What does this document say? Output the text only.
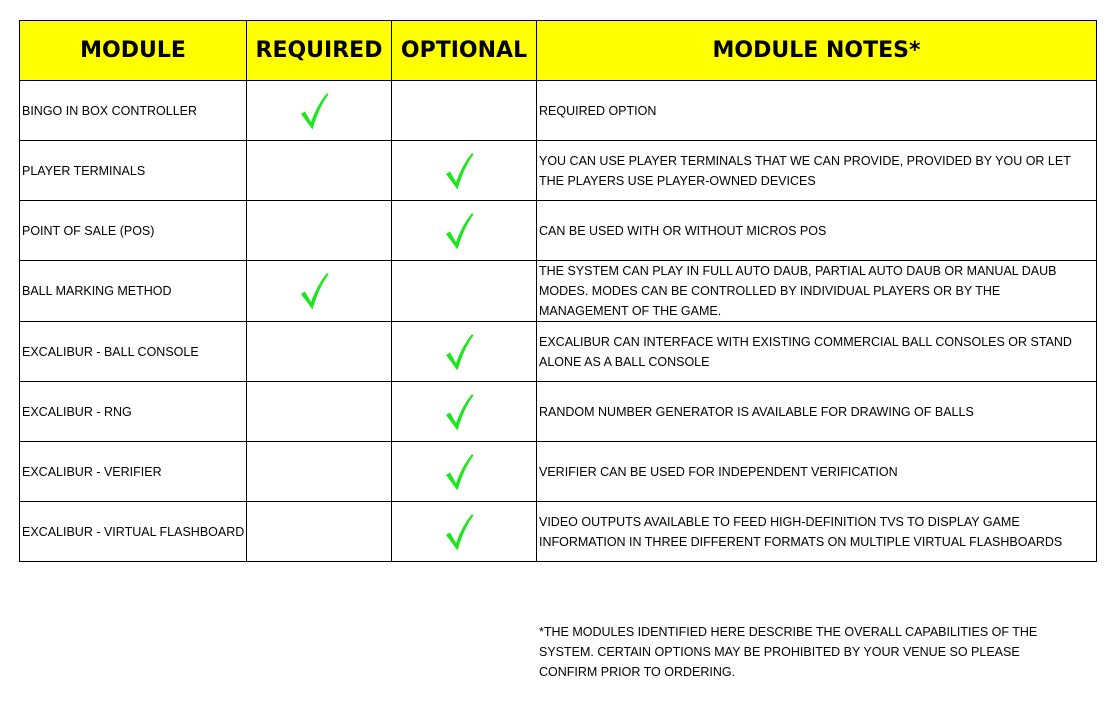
MODULE	REQUIRED	OPTIONAL	MODULE NOTES*
BINGO IN BOX CONTROLLER			REQUIRED OPTION
PLAYER TERMINALS			YOU CAN USE PLAYER TERMINALS THAT WE CAN PROVIDE, PROVIDED BY YOU OR LET THE PLAYERS USE PLAYER-OWNED DEVICES
POINT OF SALE (POS)			CAN BE USED WITH OR WITHOUT MICROS POS
BALL MARKING METHOD			THE SYSTEM CAN PLAY IN FULL AUTO DAUB, PARTIAL AUTO DAUB OR MANUAL DAUB MODES. MODES CAN BE CONTROLLED BY INDIVIDUAL PLAYERS OR BY THE MANAGEMENT OF THE GAME.
EXCALIBUR - BALL CONSOLE			EXCALIBUR CAN INTERFACE WITH EXISTING COMMERCIAL BALL CONSOLES OR STAND ALONE AS A BALL CONSOLE
EXCALIBUR - RNG			RANDOM NUMBER GENERATOR IS AVAILABLE FOR DRAWING OF BALLS
EXCALIBUR - VERIFIER			VERIFIER CAN BE USED FOR INDEPENDENT VERIFICATION
EXCALIBUR - VIRTUAL FLASHBOARD			VIDEO OUTPUTS AVAILABLE TO FEED HIGH-DEFINITION TVS TO DISPLAY GAME INFORMATION IN THREE DIFFERENT FORMATS ON MULTIPLE VIRTUAL FLASHBOARDS
*THE MODULES IDENTIFIED HERE DESCRIBE THE OVERALL CAPABILITIES OF THE SYSTEM. CERTAIN OPTIONS MAY BE PROHIBITED BY YOUR VENUE SO PLEASE CONFIRM PRIOR TO ORDERING.
